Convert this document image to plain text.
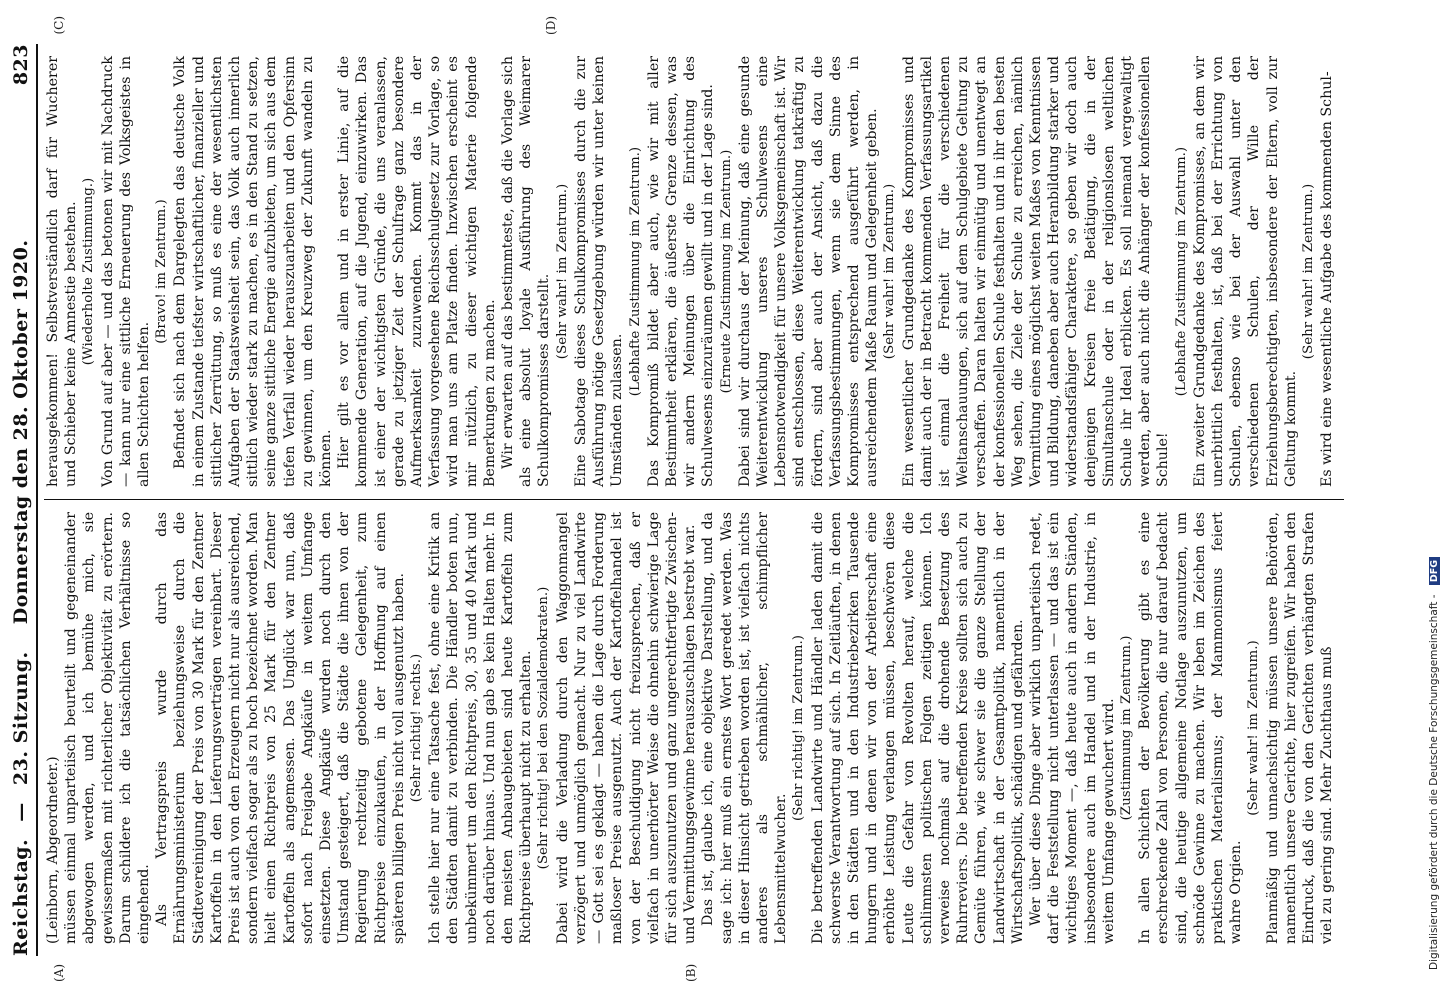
Reichstag. — 23. Sitzung. Donnerstag den 28. Oktober 1920.
823
(A)	(B)
(C)	(D)

(Leinborn, Abgeordneter.) müssen einmal unparteiisch beurteilt und gegeneinander abgewogen werden, und ich bemühe mich, sie gewissermaßen mit richterlicher Objektivität zu erörtern. Darum schildere ich die tatsächlichen Verhältnisse so eingehend. Als Vertragspreis wurde durch das Ernährungsministerium beziehungsweise durch die Städtevereinigung der Preis von 30 Mark für den Zentner Kartoffeln in den Lieferungsverträgen vereinbart. Dieser Preis ist auch von den Erzeugern nicht nur als ausreichend, sondern vielfach sogar als zu hoch bezeichnet worden. Man hielt einen Richtpreis von 25 Mark für den Zentner Kartoffeln als angemessen. Das Unglück war nun, daß sofort nach Freigabe Angkäufe in weitem Umfange einsetzten. Diese Angkäufe wurden noch durch den Umstand gesteigert, daß die Städte die ihnen von der Regierung rechtzeitig gebotene Gelegenheit, zum Richtpreise einzukaufen, in der Hoffnung auf einen späteren billigen Preis nicht voll ausgenutzt haben. (Sehr richtig! rechts.) Ich stelle hier nur eine Tatsache fest, ohne eine Kritik an den Städten damit zu verbinden. Die Händler boten nun, unbekümmert um den Richtpreis, 30, 35 und 40 Mark und noch darüber hinaus. Und nun gab es kein Halten mehr. In den meisten Anbaugebieten sind heute Kartoffeln zum Richtpreise überhaupt nicht zu erhalten. (Sehr richtig! bei den Sozialdemokraten.) Dabei wird die Verladung durch den Waggonmangel verzögert und unmöglich gemacht. Nur zu viel Landwirte — Gott sei es geklagt — haben die Lage durch Forderung maßloser Preise ausgenutzt. Auch der Kartoffelhandel ist von der Beschuldigung nicht freizusprechen, daß er vielfach in unerhörter Weise die ohnehin schwierige Lage für sich auszunutzen und ganz ungerechtfertigte Zwischen- und Vermittlungsgewinne herauszuschlagen bestrebt war. Das ist, glaube ich, eine objektive Darstellung, und da sage ich: hier muß ein ernstes Wort geredet werden. Was in dieser Hinsicht getrieben worden ist, ist vielfach nichts anderes als schmählicher, schimpflicher Lebensmittelwucher.

(Sehr richtig! im Zentrum.) Die betreffenden Landwirte und Händler laden damit die schwerste Verantwortung auf sich. In Zeitläuften, in denen in den Städten und in den Industriebezirken Tausende hungern und in denen wir von der Arbeiterschaft eine erhöhte Leistung verlangen müssen, beschwören diese Leute die Gefahr von Revolten herauf, welche die schlimmsten politischen Folgen zeitigen können. Ich verweise nochmals auf die drohende Besetzung des Ruhrreviers. Die betreffenden Kreise sollten sich auch zu Gemüte führen, wie schwer sie die ganze Stellung der Landwirtschaft in der Gesamtpolitik, namentlich in der Wirtschaftspolitik, schädigen und gefährden. Wer über diese Dinge aber wirklich unparteiisch redet, darf die Feststellung nicht unterlassen — und das ist ein wichtiges Moment —, daß heute auch in andern Ständen, insbesondere auch im Handel und in der Industrie, in weitem Umfange gewuchert wird. (Zustimmung im Zentrum.) In allen Schichten der Bevölkerung gibt es eine erschreckende Zahl von Personen, die nur darauf bedacht sind, die heutige allgemeine Notlage auszunutzen, um schnöde Gewinne zu machen. Wir leben im Zeichen des praktischen Materialismus; der Mammonismus feiert wahre Orgien.

(Sehr wahr! im Zentrum.) Planmäßig und unnachsichtig müssen unsere Behörden, namentlich unsere Gerichte, hier zugreifen. Wir haben den Eindruck, daß die von den Gerichten verhängten Strafen viel zu gering sind. Mehr Zuchthaus muß

herausgekommen! Selbstverständlich darf für Wucherer und Schieber keine Amnestie bestehen. (Wiederholte Zustimmung.) Von Grund auf aber — und das betonen wir mit Nachdruck — kann nur eine sittliche Erneuerung des Volksgeistes in allen Schichten helfen.

(Bravo! im Zentrum.) Befindet sich nach dem Dargelegten das deutsche Volk in einem Zustande tiefster wirtschaftlicher, finanzieller und sittlicher Zerrüttung, so muß es eine der wesentlichsten Aufgaben der Staatsweisheit sein, das Volk auch innerlich sittlich wieder stark zu machen, es in den Stand zu setzen, seine ganze sittliche Energie aufzubieten, um sich aus dem tiefen Verfall wieder herauszuarbeiten und den Opfersinn zu gewinnen, um den Kreuzweg der Zukunft wandeln zu können. Hier gilt es vor allem und in erster Linie, auf die kommende Generation, auf die Jugend, einzuwirken. Das ist einer der wichtigsten Gründe, die uns veranlassen, gerade zu jetziger Zeit der Schulfrage ganz besondere Aufmerksamkeit zuzuwenden. Kommt das in der Verfassung vorgesehene Reichsschulgesetz zur Vorlage, so wird man uns am Platze finden. Inzwischen erscheint es mir nützlich, zu dieser wichtigen Materie folgende Bemerkungen zu machen. Wir erwarten auf das bestimmteste, daß die Vorlage sich als eine absolut loyale Ausführung des Weimarer Schulkompromisses darstellt.

(Sehr wahr! im Zentrum.) Eine Sabotage dieses Schulkompromisses durch die zur Ausführung nötige Gesetzgebung würden wir unter keinen Umständen zulassen.

(Lebhafte Zustimmung im Zentrum.) Das Kompromiß bildet aber auch, wie wir mit aller Bestimmtheit erklären, die äußerste Grenze dessen, was wir andern Meinungen über die Einrichtung des Schulwesens einzuräumen gewillt und in der Lage sind. (Erneute Zustimmung im Zentrum.) Dabei sind wir durchaus der Meinung, daß eine gesunde Weiterentwicklung unseres Schulwesens eine Lebensnotwendigkeit für unsere Volksgemeinschaft ist. Wir sind entschlossen, diese Weiterentwicklung tatkräftig zu fördern, sind aber auch der Ansicht, daß dazu die Verfassungsbestimmungen, wenn sie dem Sinne des Kompromisses entsprechend ausgeführt werden, in ausreichendem Maße Raum und Gelegenheit geben. (Sehr wahr! im Zentrum.) Ein wesentlicher Grundgedanke des Kompromisses und damit auch der in Betracht kommenden Verfassungsartikel ist einmal die Freiheit für die verschiedenen Weltanschauungen, sich auf dem Schulgebiete Geltung zu verschaffen. Daran halten wir einmütig und unentwegt an der konfessionellen Schule festhalten und in ihr den besten Weg sehen, die Ziele der Schule zu erreichen, nämlich Vermittlung eines möglichst weiten Maßes von Kenntnissen und Bildung, daneben aber auch Heranbildung starker und widerstandsfähiger Charaktere, so geben wir doch auch denjenigen Kreisen freie Betätigung, die in der Simultanschule oder in der religionslosen weltlichen Schule ihr Ideal erblicken. Es soll niemand vergewaltigt werden, aber auch nicht die Anhänger der konfessionellen Schule!

(Lebhafte Zustimmung im Zentrum.) Ein zweiter Grundgedanke des Kompromisses, an dem wir unerbittlich festhalten, ist, daß bei der Errichtung von Schulen, ebenso wie bei der Auswahl unter den verschiedenen Schulen, der Wille der Erziehungsberechtigten, insbesondere der Eltern, voll zur Geltung kommt.

(Sehr wahr! im Zentrum.) Es wird eine wesentliche Aufgabe des kommenden Schul-

Digitalisierung gefördert durch die Deutsche Forschungsgemeinschaft - DFG
